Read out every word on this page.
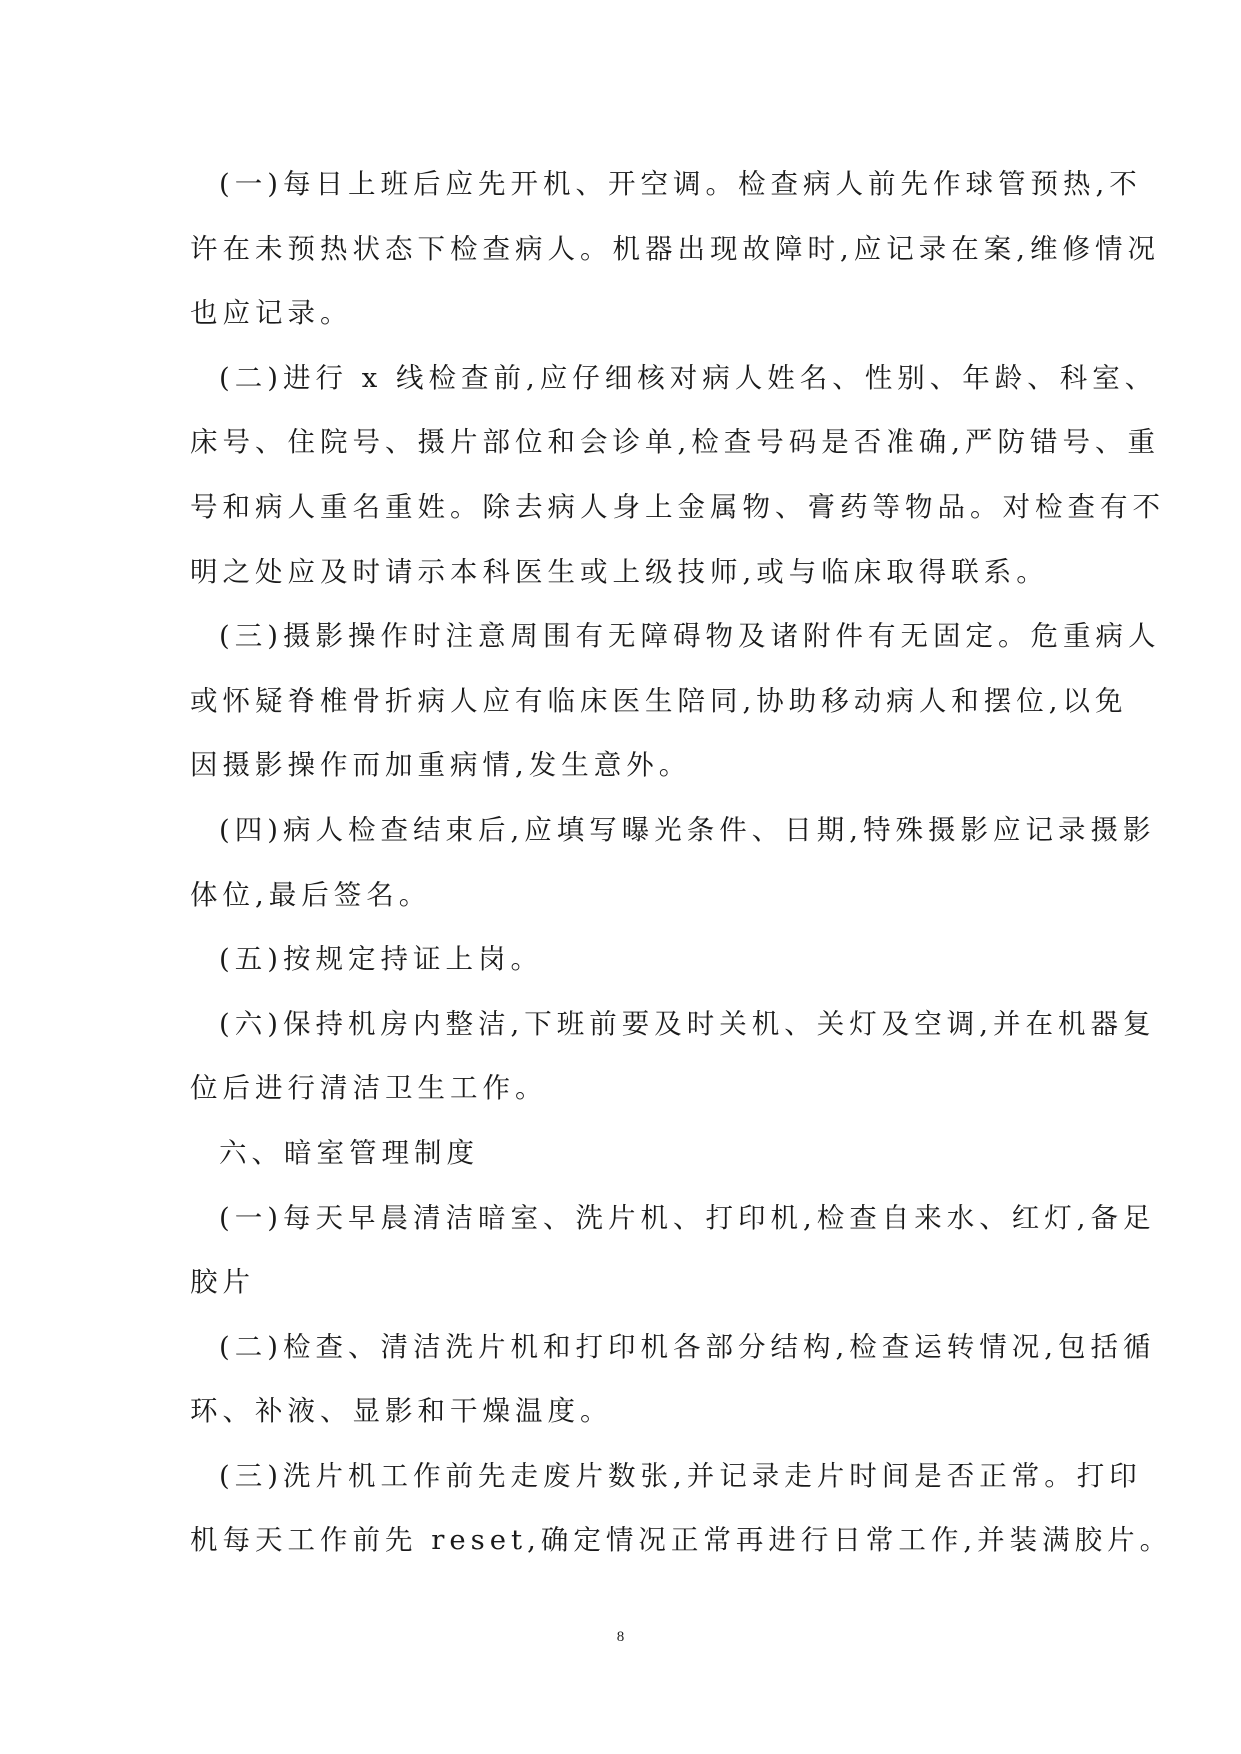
(一)每日上班后应先开机、开空调。检查病人前先作球管预热,不
许在未预热状态下检查病人。机器出现故障时,应记录在案,维修情况
也应记录。
(二)进行 x 线检查前,应仔细核对病人姓名、性别、年龄、科室、
床号、住院号、摄片部位和会诊单,检查号码是否准确,严防错号、重
号和病人重名重姓。除去病人身上金属物、膏药等物品。对检查有不
明之处应及时请示本科医生或上级技师,或与临床取得联系。
(三)摄影操作时注意周围有无障碍物及诸附件有无固定。危重病人
或怀疑脊椎骨折病人应有临床医生陪同,协助移动病人和摆位,以免
因摄影操作而加重病情,发生意外。
(四)病人检查结束后,应填写曝光条件、日期,特殊摄影应记录摄影
体位,最后签名。
(五)按规定持证上岗。
(六)保持机房内整洁,下班前要及时关机、关灯及空调,并在机器复
位后进行清洁卫生工作。
六、暗室管理制度
(一)每天早晨清洁暗室、洗片机、打印机,检查自来水、红灯,备足
胶片
(二)检查、清洁洗片机和打印机各部分结构,检查运转情况,包括循
环、补液、显影和干燥温度。
(三)洗片机工作前先走废片数张,并记录走片时间是否正常。打印
机每天工作前先 reset,确定情况正常再进行日常工作,并装满胶片。
8
